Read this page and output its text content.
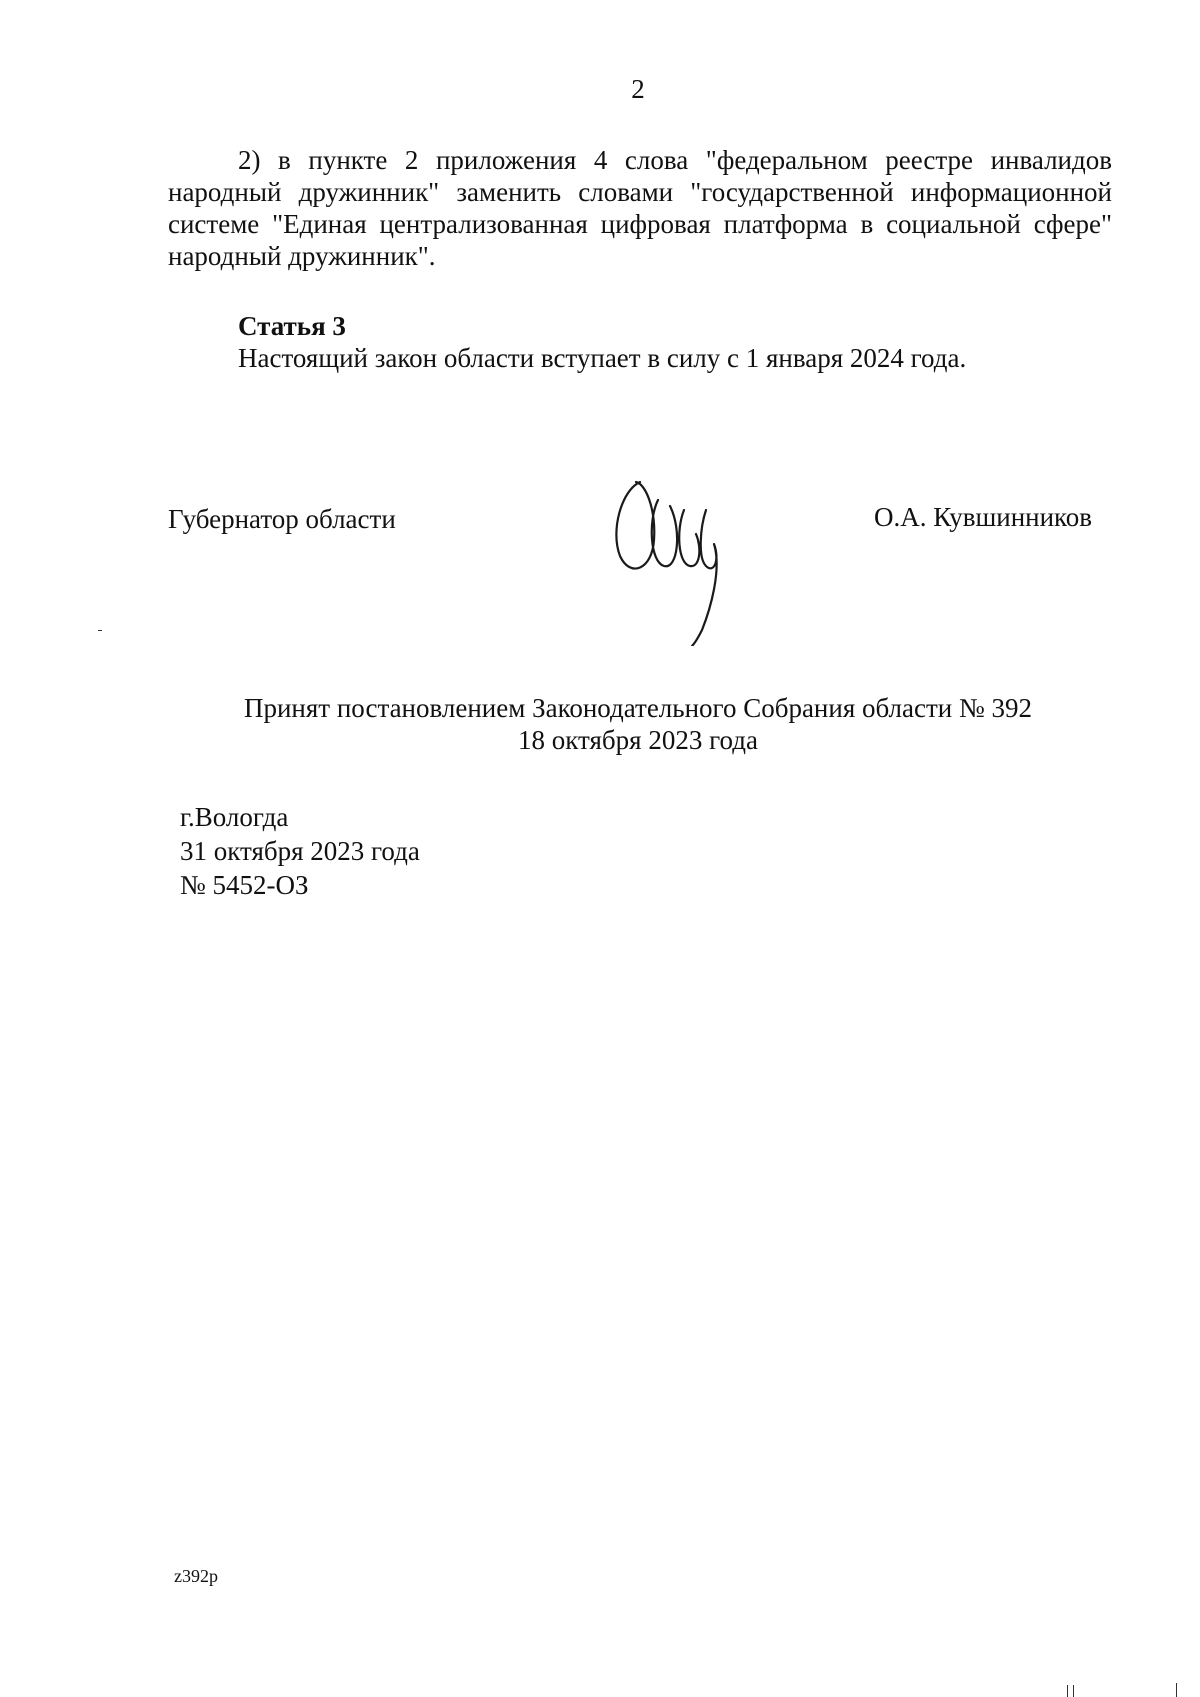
2
2) в пункте 2 приложения 4 слова "федеральном реестре инвалидов народный дружинник" заменить словами "государственной информационной системе "Единая централизованная цифровая платформа в социальной сфере" народный дружинник".
Статья 3
Настоящий закон области вступает в силу с 1 января 2024 года.
Губернатор области	О.А. Кувшинников
Принят постановлением Законодательного Собрания области № 392
18 октября 2023 года
г.Вологда
31 октября 2023 года
№ 5452-ОЗ
z392p
